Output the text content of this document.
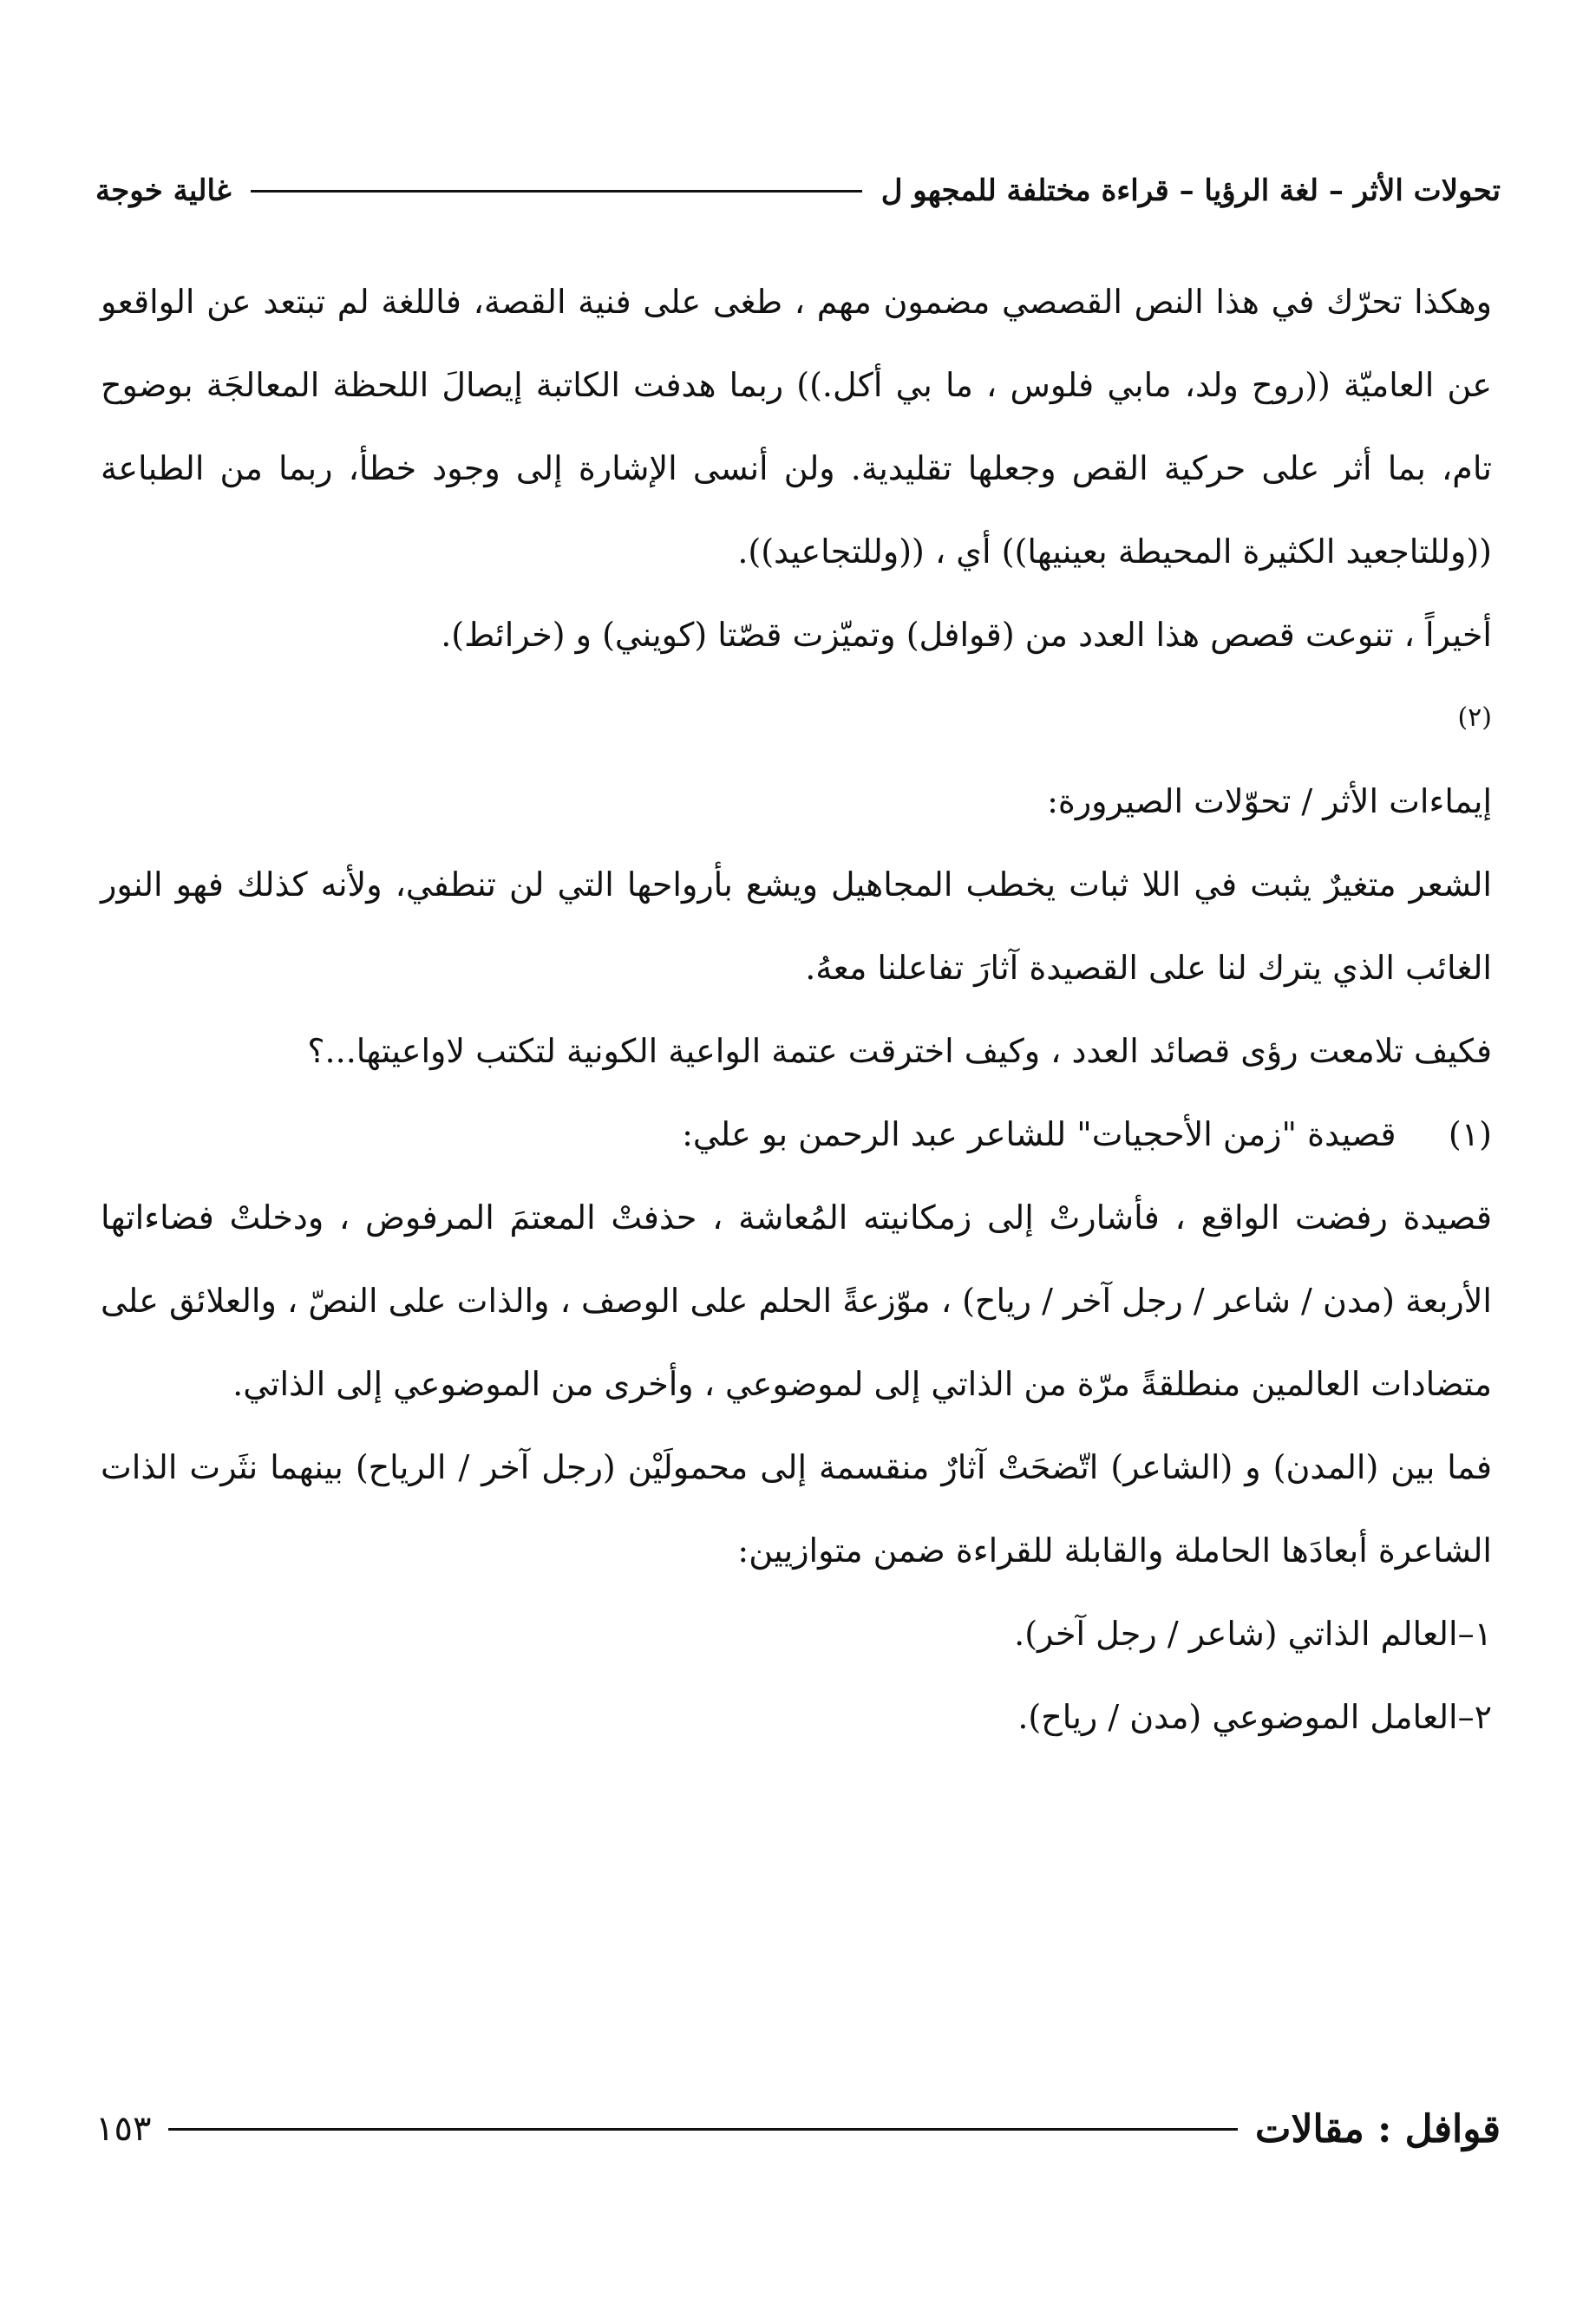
تحولات الأثر – لغة الرؤيا – قراءة مختلفة للمجهو ل
غالية خوجة

وهكذا تحرّك في هذا النص القصصي مضمون مهم ، طغى على فنية القصة، فاللغة لم تبتعد عن الواقعو عن العاميّة ((روح ولد، مابي فلوس ، ما بي أكل.)) ربما هدفت الكاتبة إيصالَ اللحظة المعالجَة بوضوح تام، بما أثر على حركية القص وجعلها تقليدية. ولن أنسى الإشارة إلى وجود خطأ، ربما من الطباعة ((وللتاجعيد الكثيرة المحيطة بعينيها)) أي ، ((وللتجاعيد)).

أخيراً ، تنوعت قصص هذا العدد من (قوافل) وتميّزت قصّتا (كويني) و (خرائط).

(٢)

إيماءات الأثر / تحوّلات الصيرورة:

الشعر متغيرٌ يثبت في اللا ثبات يخطب المجاهيل ويشع بأرواحها التي لن تنطفي، ولأنه كذلك فهو النور الغائب الذي يترك لنا على القصيدة آثارَ تفاعلنا معهُ.

فكيف تلامعت رؤى قصائد العدد ، وكيف اخترقت عتمة الواعية الكونية لتكتب لاواعيتها...؟

(١)     قصيدة "زمن الأحجيات" للشاعر عبد الرحمن بو علي:

قصيدة رفضت الواقع ، فأشارتْ إلى زمكانيته المُعاشة ، حذفتْ المعتمَ المرفوض ، ودخلتْ فضاءاتها الأربعة (مدن / شاعر / رجل آخر / رياح) ، موّزعةً الحلم على الوصف ، والذات على النصّ ، والعلائق على متضادات العالمين منطلقةً مرّة من الذاتي إلى لموضوعي ، وأخرى من الموضوعي إلى الذاتي.

فما بين (المدن) و (الشاعر) اتّضحَتْ آثارٌ منقسمة إلى محمولَيْن (رجل آخر / الرياح) بينهما نثَرت الذات الشاعرة أبعادَها الحاملة والقابلة للقراءة ضمن متوازيين:

١–العالم الذاتي (شاعر / رجل آخر).

٢–العامل الموضوعي (مدن / رياح).

قوافل : مقالات
١٥٣
